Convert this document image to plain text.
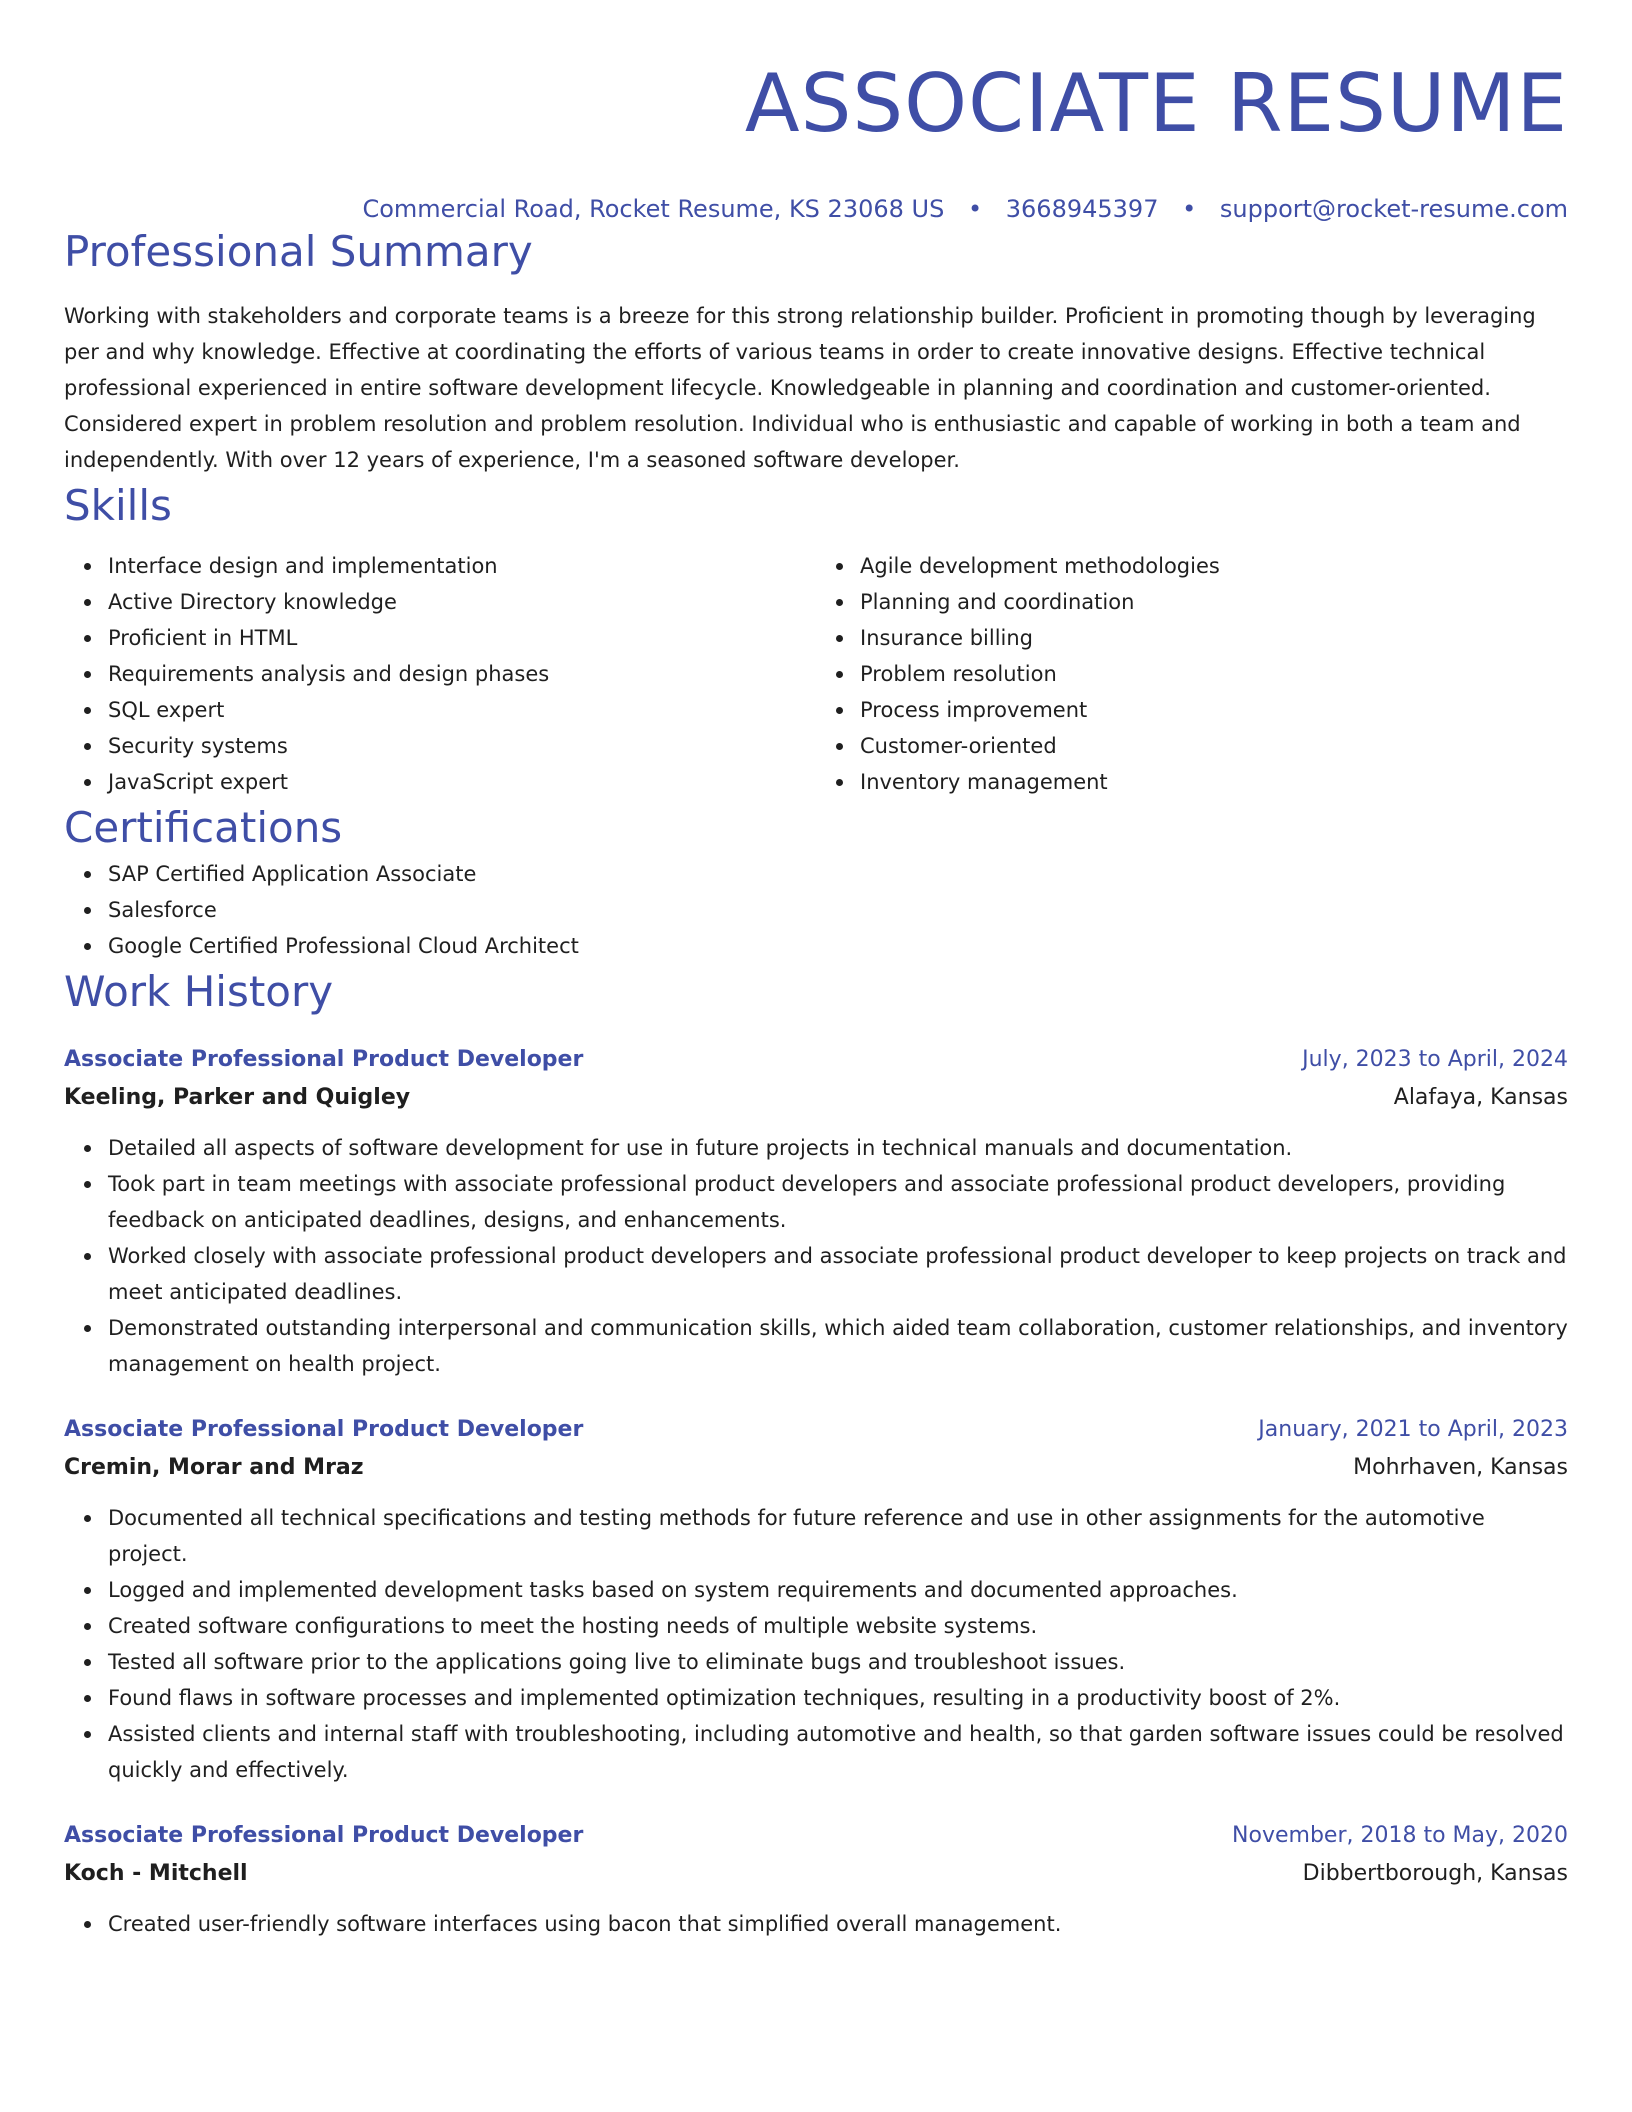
ASSOCIATE RESUME
Commercial Road, Rocket Resume, KS 23068 US • 3668945397 • support@rocket-resume.com
Professional Summary

Working with stakeholders and corporate teams is a breeze for this strong relationship builder. Proficient in promoting though by leveraging per and why knowledge. Effective at coordinating the efforts of various teams in order to create innovative designs. Effective technical professional experienced in entire software development lifecycle. Knowledgeable in planning and coordination and customer-oriented. Considered expert in problem resolution and problem resolution. Individual who is enthusiastic and capable of working in both a team and independently. With over 12 years of experience, I'm a seasoned software developer.

Skills
Interface design and implementation
Active Directory knowledge
Proficient in HTML
Requirements analysis and design phases
SQL expert
Security systems
JavaScript expert
Agile development methodologies
Planning and coordination
Insurance billing
Problem resolution
Process improvement
Customer-oriented
Inventory management
Certifications
SAP Certified Application Associate
Salesforce
Google Certified Professional Cloud Architect
Work History
Associate Professional Product Developer	July, 2023 to April, 2024
Keeling, Parker and Quigley	Alafaya, Kansas
Detailed all aspects of software development for use in future projects in technical manuals and documentation.
Took part in team meetings with associate professional product developers and associate professional product developers, providing feedback on anticipated deadlines, designs, and enhancements.
Worked closely with associate professional product developers and associate professional product developer to keep projects on track and meet anticipated deadlines.
Demonstrated outstanding interpersonal and communication skills, which aided team collaboration, customer relationships, and inventory management on health project.
Associate Professional Product Developer	January, 2021 to April, 2023
Cremin, Morar and Mraz	Mohrhaven, Kansas
Documented all technical specifications and testing methods for future reference and use in other assignments for the automotive project.
Logged and implemented development tasks based on system requirements and documented approaches.
Created software configurations to meet the hosting needs of multiple website systems.
Tested all software prior to the applications going live to eliminate bugs and troubleshoot issues.
Found flaws in software processes and implemented optimization techniques, resulting in a productivity boost of 2%.
Assisted clients and internal staff with troubleshooting, including automotive and health, so that garden software issues could be resolved quickly and effectively.
Associate Professional Product Developer	November, 2018 to May, 2020
Koch - Mitchell	Dibbertborough, Kansas
Created user-friendly software interfaces using bacon that simplified overall management.
